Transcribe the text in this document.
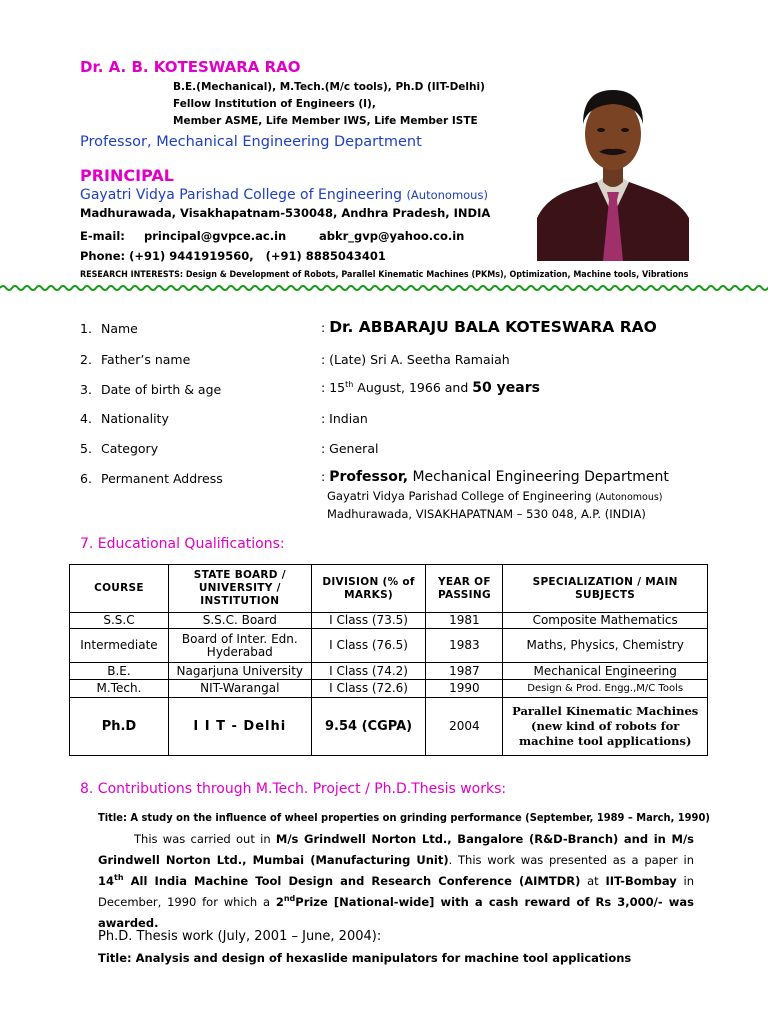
Dr. A. B. KOTESWARA RAO
B.E.(Mechanical), M.Tech.(M/c tools), Ph.D (IIT-Delhi)
Fellow Institution of Engineers (I),
Member ASME, Life Member IWS, Life Member ISTE
Professor, Mechanical Engineering Department
PRINCIPAL
Gayatri Vidya Parishad College of Engineering (Autonomous)
Madhurawada, Visakhapatnam-530048, Andhra Pradesh, INDIA
E-mail: principal@gvpce.ac.in	abkr_gvp@yahoo.co.in
Phone: (+91) 9441919560,   (+91) 8885043401
RESEARCH INTERESTS: Design & Development of Robots, Parallel Kinematic Machines (PKMs), Optimization, Machine tools, Vibrations
1. Name	: Dr. ABBARAJU BALA KOTESWARA RAO
2. Father’s name	: (Late) Sri A. Seetha Ramaiah
3. Date of birth & age	: 15th August, 1966 and 50 years
4. Nationality	: Indian
5. Category	: General
6. Permanent Address	: Professor, Mechanical Engineering Department
Gayatri Vidya Parishad College of Engineering (Autonomous)
Madhurawada, VISAKHAPATNAM – 530 048, A.P. (INDIA)
7. Educational Qualifications:
COURSE	STATE BOARD / UNIVERSITY / INSTITUTION	DIVISION (% of MARKS)	YEAR OF PASSING	SPECIALIZATION / MAIN SUBJECTS
S.S.C	S.S.C. Board	I Class (73.5)	1981	Composite Mathematics
Intermediate	Board of Inter. Edn. Hyderabad	I Class (76.5)	1983	Maths, Physics, Chemistry
B.E.	Nagarjuna University	I Class (74.2)	1987	Mechanical Engineering
M.Tech.	NIT-Warangal	I Class (72.6)	1990	Design & Prod. Engg.,M/C Tools
Ph.D	I I T - Delhi	9.54 (CGPA)	2004	Parallel Kinematic Machines (new kind of robots for machine tool applications)
8. Contributions through M.Tech. Project / Ph.D.Thesis works:
Title: A study on the influence of wheel properties on grinding performance (September, 1989 – March, 1990)
This was carried out in M/s Grindwell Norton Ltd., Bangalore (R&D-Branch) and in M/s Grindwell Norton Ltd., Mumbai (Manufacturing Unit). This work was presented as a paper in 14th All India Machine Tool Design and Research Conference (AIMTDR) at IIT-Bombay in December, 1990 for which a 2ndPrize [National-wide] with a cash reward of Rs 3,000/- was awarded.
Ph.D. Thesis work (July, 2001 – June, 2004):
Title: Analysis and design of hexaslide manipulators for machine tool applications
